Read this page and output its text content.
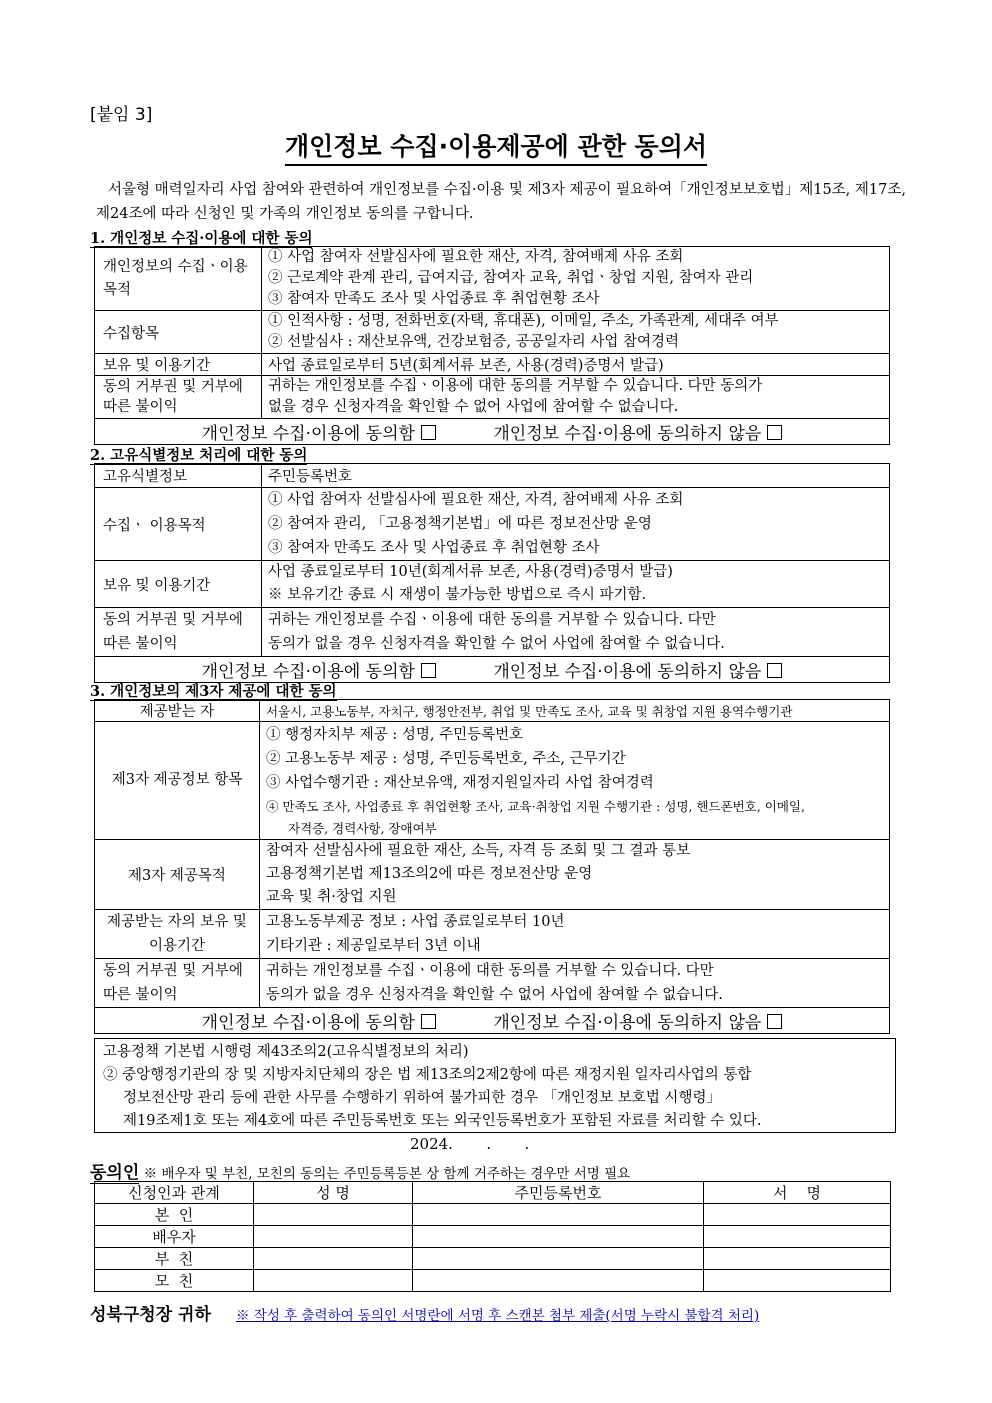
[붙임 3]
개인정보 수집·이용제공에 관한 동의서
서울형 매력일자리 사업 참여와 관련하여 개인정보를 수집·이용 및 제3자 제공이 필요하여「개인정보보호법」제15조, 제17조, 제24조에 따라 신청인 및 가족의 개인정보 동의를 구합니다.
1. 개인정보 수집·이용에 대한 동의
개인정보의 수집ㆍ이용목적	① 사업 참여자 선발심사에 필요한 재산, 자격, 참여배제 사유 조회
② 근로계약 관계 관리, 급여지급, 참여자 교육, 취업ㆍ창업 지원, 참여자 관리
③ 참여자 만족도 조사 및 사업종료 후 취업현황 조사

수집항목	① 인적사항 : 성명, 전화번호(자택, 휴대폰), 이메일, 주소, 가족관계, 세대주 여부
② 선발심사 : 재산보유액, 건강보험증, 공공일자리 사업 참여경력

보유 및 이용기간	사업 종료일로부터 5년(회계서류 보존, 사용(경력)증명서 발급)
동의 거부권 및 거부에 따른 불이익	귀하는 개인정보를 수집ㆍ이용에 대한 동의를 거부할 수 있습니다. 다만 동의가
없을 경우 신청자격을 확인할 수 없어 사업에 참여할 수 없습니다.

개인정보 수집·이용에 동의함 개인정보 수집·이용에 동의하지 않음	
2. 고유식별정보 처리에 대한 동의
고유식별정보	주민등록번호
수집ㆍ 이용목적	① 사업 참여자 선발심사에 필요한 재산, 자격, 참여배제 사유 조회
② 참여자 관리, 「고용정책기본법」에 따른 정보전산망 운영
③ 참여자 만족도 조사 및 사업종료 후 취업현황 조사

보유 및 이용기간	사업 종료일로부터 10년(회계서류 보존, 사용(경력)증명서 발급)
※ 보유기간 종료 시 재생이 불가능한 방법으로 즉시 파기함.

동의 거부권 및 거부에 따른 불이익	귀하는 개인정보를 수집ㆍ이용에 대한 동의를 거부할 수 있습니다. 다만
동의가 없을 경우 신청자격을 확인할 수 없어 사업에 참여할 수 없습니다.

개인정보 수집·이용에 동의함 개인정보 수집·이용에 동의하지 않음	
3. 개인정보의 제3자 제공에 대한 동의
제공받는 자	서울시, 고용노동부, 자치구, 행정안전부, 취업 및 만족도 조사, 교육 및 취창업 지원 용역수행기관
제3자 제공정보 항목	① 행정자치부 제공 : 성명, 주민등록번호
② 고용노동부 제공 : 성명, 주민등록번호, 주소, 근무기간
③ 사업수행기관 : 재산보유액, 재정지원일자리 사업 참여경력
④ 만족도 조사, 사업종료 후 취업현황 조사, 교육·취창업 지원 수행기관 : 성명, 핸드폰번호, 이메일,
자격증, 경력사항, 장애여부

제3자 제공목적	참여자 선발심사에 필요한 재산, 소득, 자격 등 조회 및 그 결과 통보
고용정책기본법 제13조의2에 따른 정보전산망 운영
교육 및 취·창업 지원

제공받는 자의 보유 및 이용기간	고용노동부제공 정보 : 사업 종료일로부터 10년
기타기관 : 제공일로부터 3년 이내

동의 거부권 및 거부에 따른 불이익	귀하는 개인정보를 수집ㆍ이용에 대한 동의를 거부할 수 있습니다. 다만
동의가 없을 경우 신청자격을 확인할 수 없어 사업에 참여할 수 없습니다.

개인정보 수집·이용에 동의함 개인정보 수집·이용에 동의하지 않음	
고용정책 기본법 시행령 제43조의2(고유식별정보의 처리)
② 중앙행정기관의 장 및 지방자치단체의 장은 법 제13조의2제2항에 따른 재정지원 일자리사업의 통합
정보전산망 관리 등에 관한 사무를 수행하기 위하여 불가피한 경우 「개인정보 보호법 시행령」
제19조제1호 또는 제4호에 따른 주민등록번호 또는 외국인등록번호가 포함된 자료를 처리할 수 있다.
2024.       .       .
동의인 ※ 배우자 및 부친, 모친의 동의는 주민등록등본 상 함께 거주하는 경우만 서명 필요
신청인과 관계	성 명	주민등록번호	서    명
본  인			
배우자			
부  친			
모  친			
성북구청장 귀하 ※ 작성 후 출력하여 동의인 서명란에 서명 후 스캔본 첨부 제출(서명 누락시 불합격 처리)
